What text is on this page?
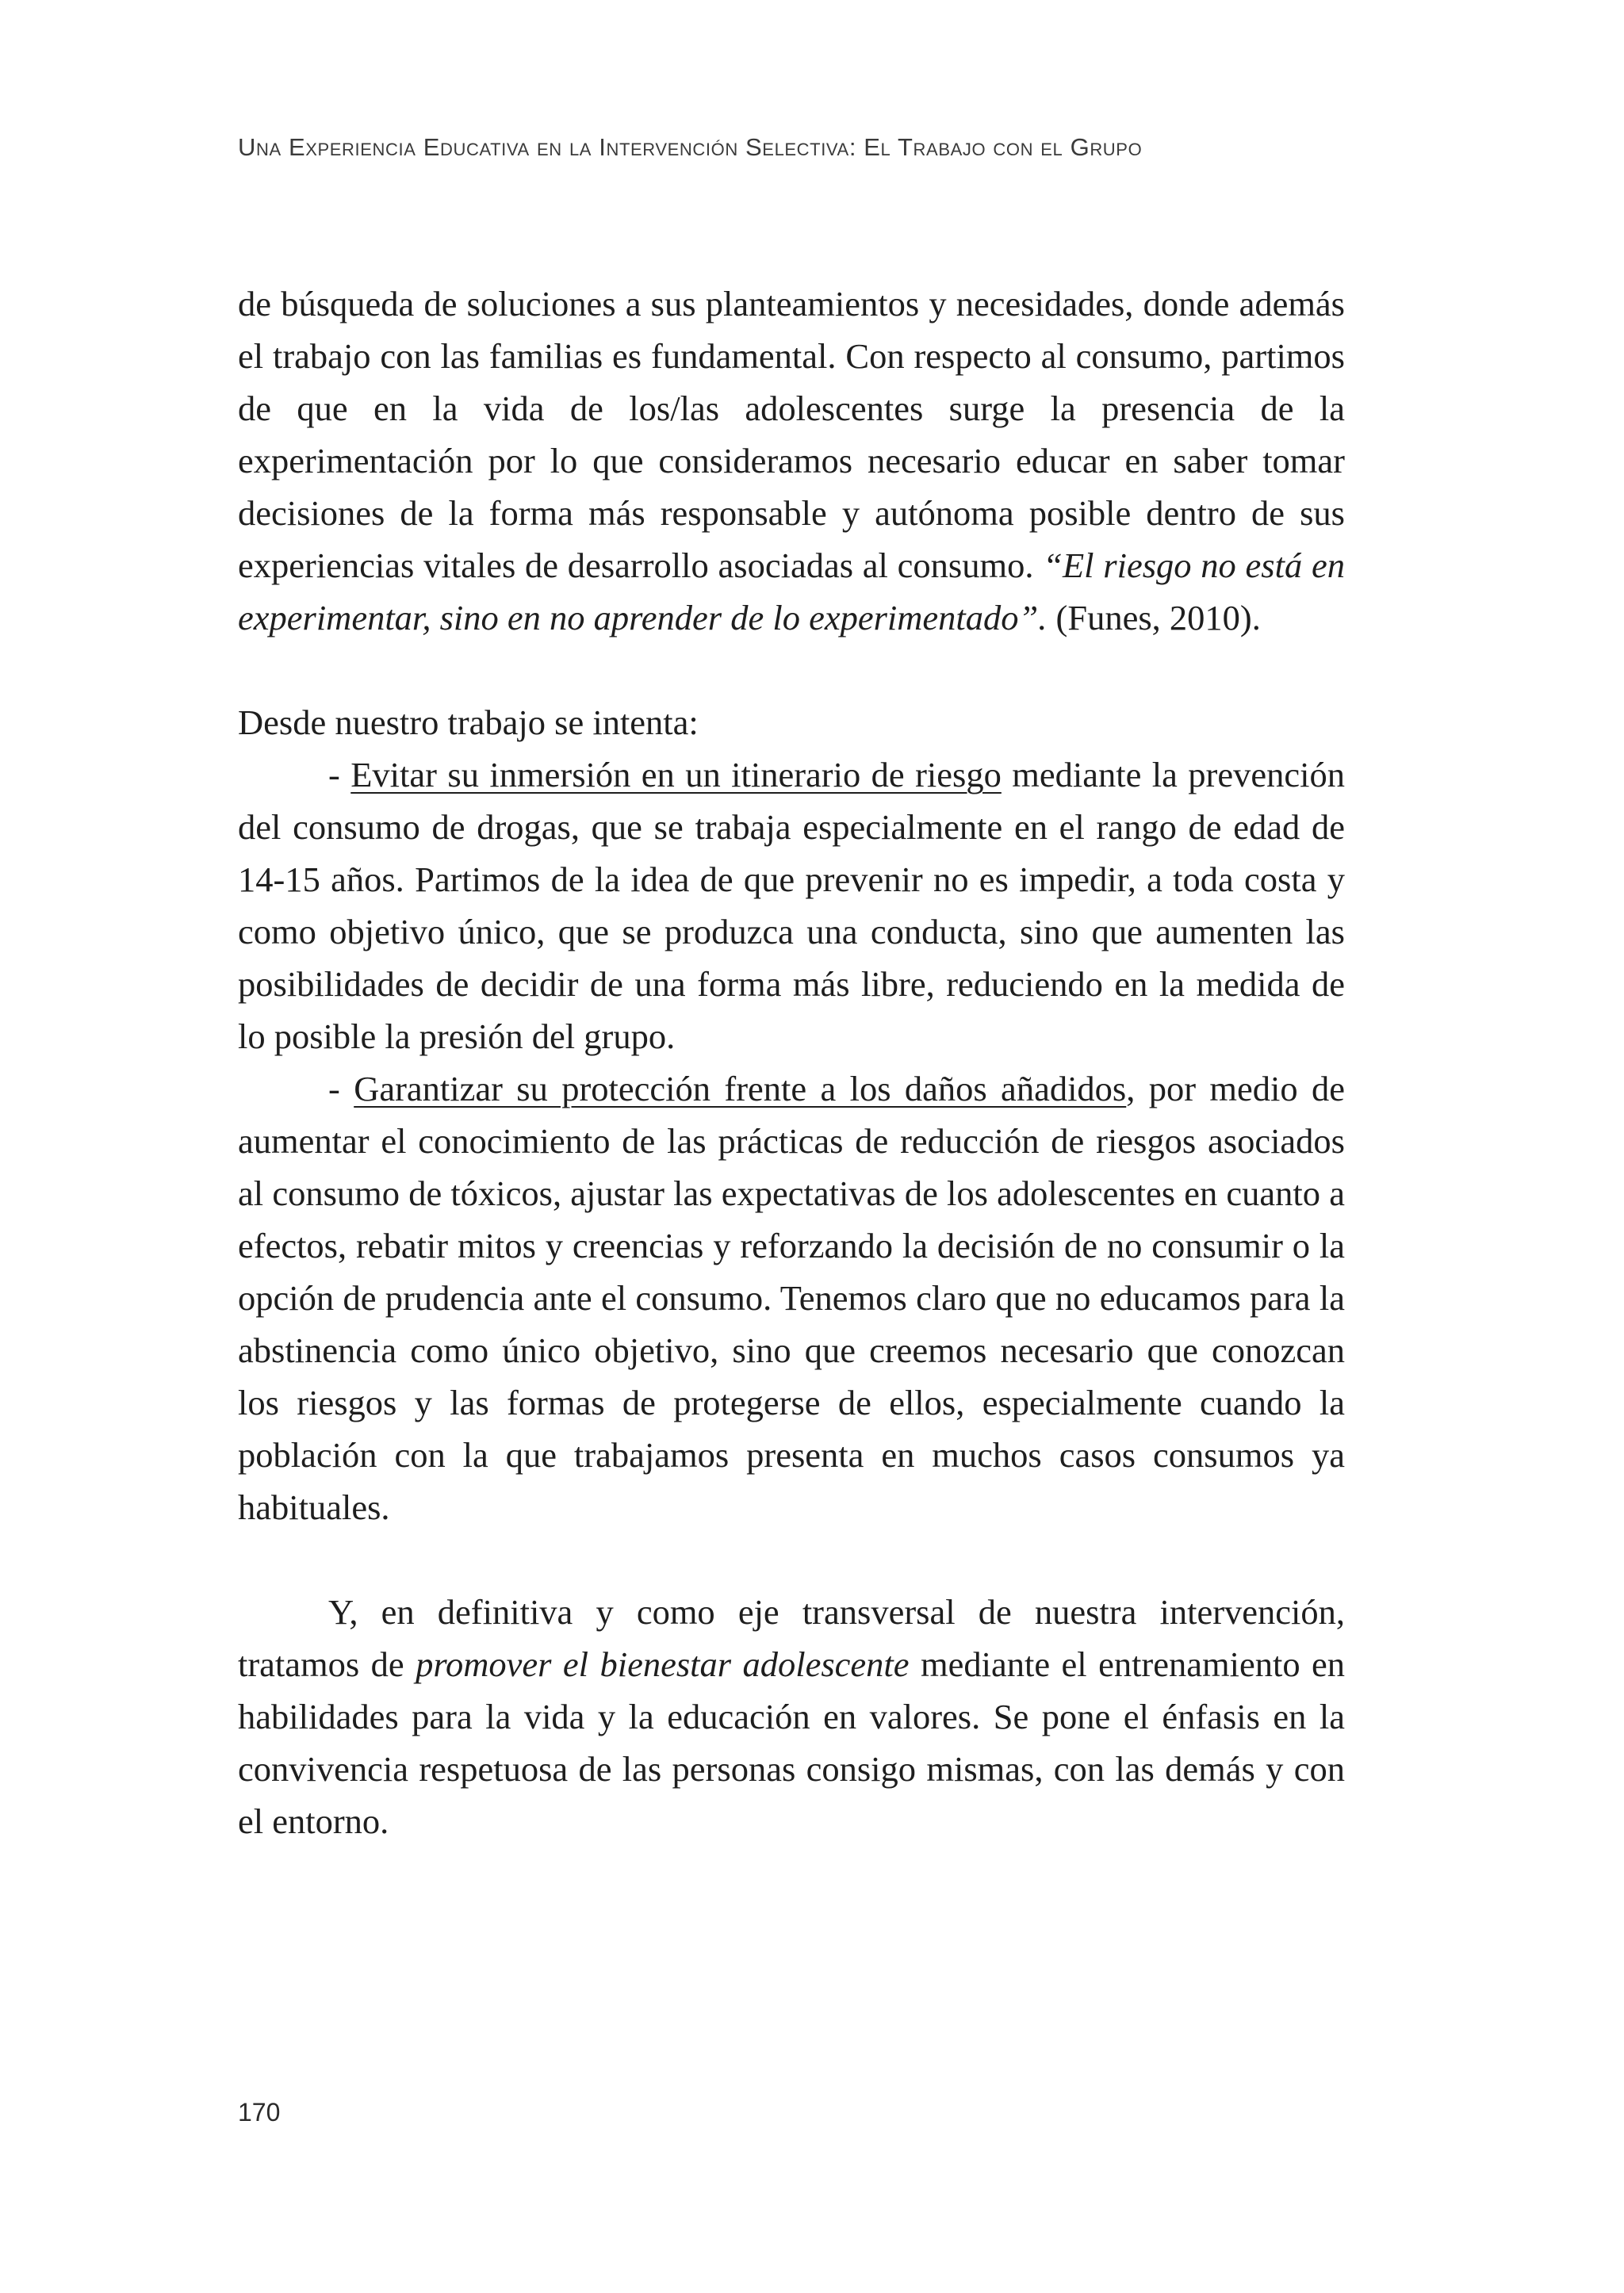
Una Experiencia Educativa en la Intervención Selectiva: El Trabajo con el Grupo

de búsqueda de soluciones a sus planteamientos y necesidades, donde además el trabajo con las familias es fundamental. Con respecto al consumo, partimos de que en la vida de los/las adolescentes surge la presencia de la experimentación por lo que consideramos necesario educar en saber tomar decisiones de la forma más responsable y autónoma posible dentro de sus experiencias vitales de desarrollo asociadas al consumo. “El riesgo no está en experimentar, sino en no aprender de lo experimentado”. (Funes, 2010).

Desde nuestro trabajo se intenta:

- Evitar su inmersión en un itinerario de riesgo mediante la prevención del consumo de drogas, que se trabaja especialmente en el rango de edad de 14-15 años. Partimos de la idea de que prevenir no es impedir, a toda costa y como objetivo único, que se produzca una conducta, sino que aumenten las posibilidades de decidir de una forma más libre, reduciendo en la medida de lo posible la presión del grupo.

- Garantizar su protección frente a los daños añadidos, por medio de aumentar el conocimiento de las prácticas de reducción de riesgos asociados al consumo de tóxicos, ajustar las expectativas de los adolescentes en cuanto a efectos, rebatir mitos y creencias y reforzando la decisión de no consumir o la opción de prudencia ante el consumo. Tenemos claro que no educamos para la abstinencia como único objetivo, sino que creemos necesario que conozcan los riesgos y las formas de protegerse de ellos, especialmente cuando la población con la que trabajamos presenta en muchos casos consumos ya habituales.

Y, en definitiva y como eje transversal de nuestra intervención, tratamos de promover el bienestar adolescente mediante el entrenamiento en habilidades para la vida y la educación en valores. Se pone el énfasis en la convivencia respetuosa de las personas consigo mismas, con las demás y con el entorno.

170
